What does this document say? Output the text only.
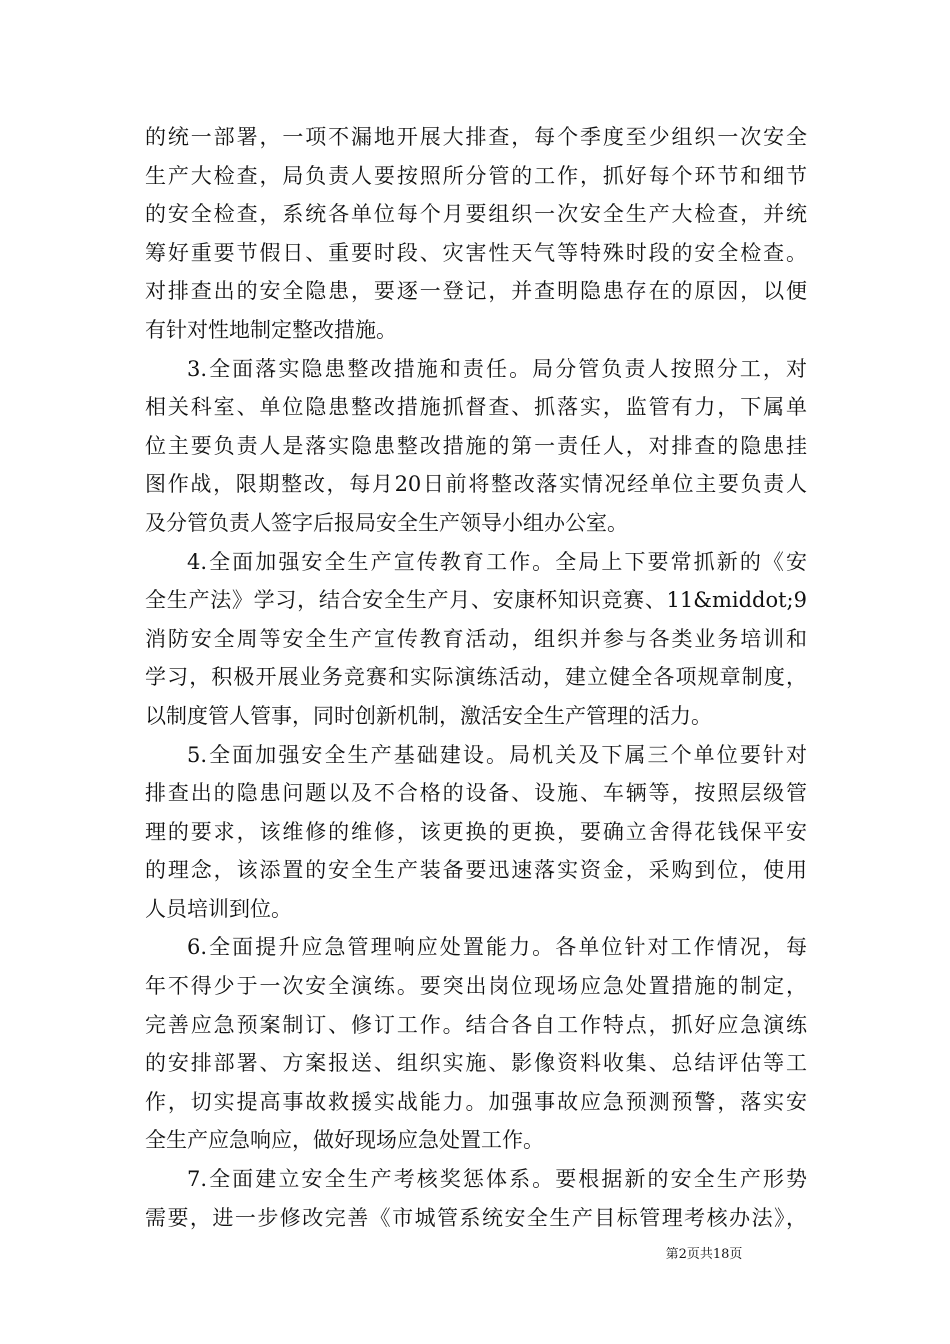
的统一部署，一项不漏地开展大排查，每个季度至少组织一次安全
生产大检查，局负责人要按照所分管的工作，抓好每个环节和细节
的安全检查，系统各单位每个月要组织一次安全生产大检查，并统
筹好重要节假日、重要时段、灾害性天气等特殊时段的安全检查。
对排查出的安全隐患，要逐一登记，并查明隐患存在的原因，以便
有针对性地制定整改措施。
3.全面落实隐患整改措施和责任。局分管负责人按照分工，对
相关科室、单位隐患整改措施抓督查、抓落实，监管有力，下属单
位主要负责人是落实隐患整改措施的第一责任人，对排查的隐患挂
图作战，限期整改，每月20日前将整改落实情况经单位主要负责人
及分管负责人签字后报局安全生产领导小组办公室。
4.全面加强安全生产宣传教育工作。全局上下要常抓新的《安
全生产法》学习，结合安全生产月、安康杯知识竞赛、11&middot;9
消防安全周等安全生产宣传教育活动，组织并参与各类业务培训和
学习，积极开展业务竞赛和实际演练活动，建立健全各项规章制度，
以制度管人管事，同时创新机制，激活安全生产管理的活力。
5.全面加强安全生产基础建设。局机关及下属三个单位要针对
排查出的隐患问题以及不合格的设备、设施、车辆等，按照层级管
理的要求，该维修的维修，该更换的更换，要确立舍得花钱保平安
的理念，该添置的安全生产装备要迅速落实资金，采购到位，使用
人员培训到位。
6.全面提升应急管理响应处置能力。各单位针对工作情况，每
年不得少于一次安全演练。要突出岗位现场应急处置措施的制定，
完善应急预案制订、修订工作。结合各自工作特点，抓好应急演练
的安排部署、方案报送、组织实施、影像资料收集、总结评估等工
作，切实提高事故救援实战能力。加强事故应急预测预警，落实安
全生产应急响应，做好现场应急处置工作。
7.全面建立安全生产考核奖惩体系。要根据新的安全生产形势
需要，进一步修改完善《市城管系统安全生产目标管理考核办法》，
第2页共18页
